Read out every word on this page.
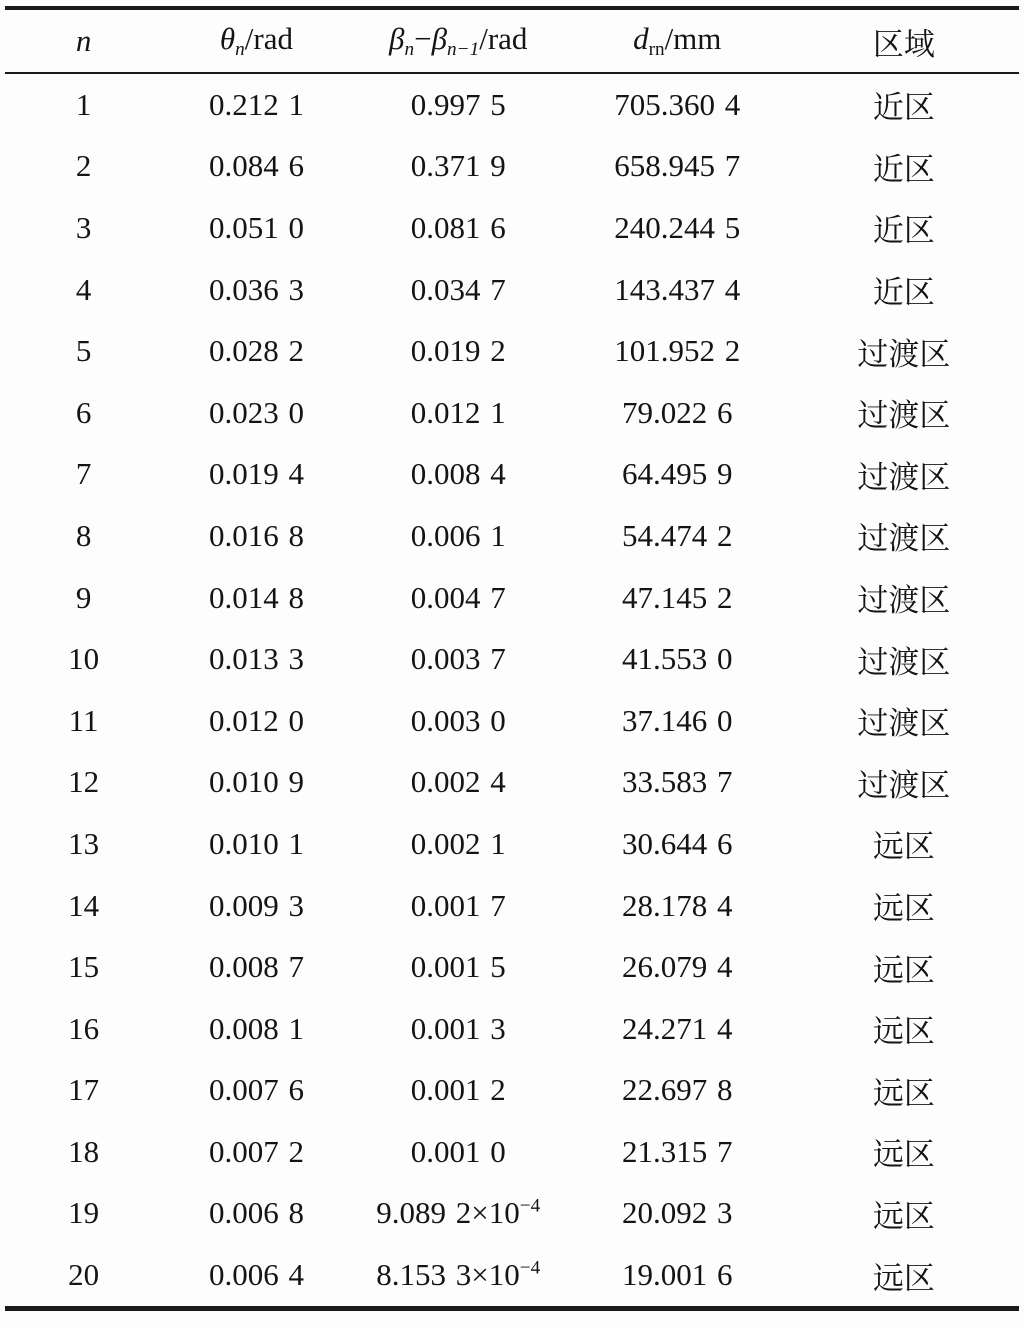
n	θn/rad	βn−βn−1/rad	drn/mm	区域
1	0.212 1	0.997 5	705.360 4	近区
2	0.084 6	0.371 9	658.945 7	近区
3	0.051 0	0.081 6	240.244 5	近区
4	0.036 3	0.034 7	143.437 4	近区
5	0.028 2	0.019 2	101.952 2	过渡区
6	0.023 0	0.012 1	79.022 6	过渡区
7	0.019 4	0.008 4	64.495 9	过渡区
8	0.016 8	0.006 1	54.474 2	过渡区
9	0.014 8	0.004 7	47.145 2	过渡区
10	0.013 3	0.003 7	41.553 0	过渡区
11	0.012 0	0.003 0	37.146 0	过渡区
12	0.010 9	0.002 4	33.583 7	过渡区
13	0.010 1	0.002 1	30.644 6	远区
14	0.009 3	0.001 7	28.178 4	远区
15	0.008 7	0.001 5	26.079 4	远区
16	0.008 1	0.001 3	24.271 4	远区
17	0.007 6	0.001 2	22.697 8	远区
18	0.007 2	0.001 0	21.315 7	远区
19	0.006 8	9.089 $2\times 10^{-4}$	20.092 3	远区
20	0.006 4	8.153 $3\times 10^{-4}$	19.001 6	远区
